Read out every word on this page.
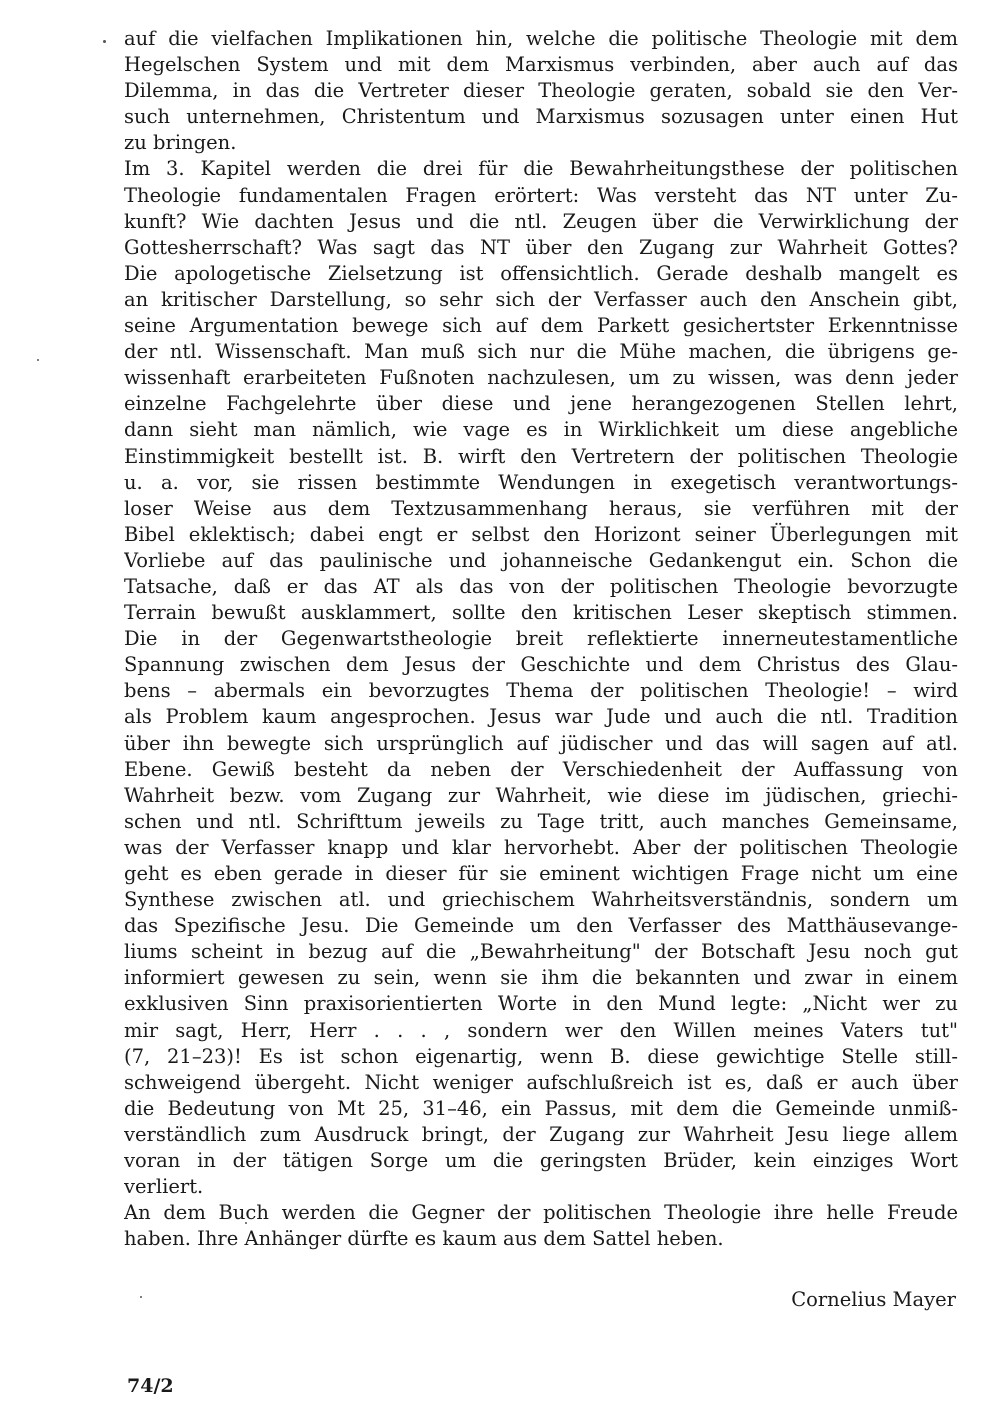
auf die vielfachen Implikationen hin, welche die politische Theologie mit dem
Hegelschen System und mit dem Marxismus verbinden, aber auch auf das
Dilemma, in das die Vertreter dieser Theologie geraten, sobald sie den Ver-
such unternehmen, Christentum und Marxismus sozusagen unter einen Hut
zu bringen.
Im 3. Kapitel werden die drei für die Bewahrheitungsthese der politischen
Theologie fundamentalen Fragen erörtert: Was versteht das NT unter Zu-
kunft? Wie dachten Jesus und die ntl. Zeugen über die Verwirklichung der
Gottesherrschaft? Was sagt das NT über den Zugang zur Wahrheit Gottes?
Die apologetische Zielsetzung ist offensichtlich. Gerade deshalb mangelt es
an kritischer Darstellung, so sehr sich der Verfasser auch den Anschein gibt,
seine Argumentation bewege sich auf dem Parkett gesichertster Erkenntnisse
der ntl. Wissenschaft. Man muß sich nur die Mühe machen, die übrigens ge-
wissenhaft erarbeiteten Fußnoten nachzulesen, um zu wissen, was denn jeder
einzelne Fachgelehrte über diese und jene herangezogenen Stellen lehrt,
dann sieht man nämlich, wie vage es in Wirklichkeit um diese angebliche
Einstimmigkeit bestellt ist. B. wirft den Vertretern der politischen Theologie
u. a. vor, sie rissen bestimmte Wendungen in exegetisch verantwortungs-
loser Weise aus dem Textzusammenhang heraus, sie verführen mit der
Bibel eklektisch; dabei engt er selbst den Horizont seiner Überlegungen mit
Vorliebe auf das paulinische und johanneische Gedankengut ein. Schon die
Tatsache, daß er das AT als das von der politischen Theologie bevorzugte
Terrain bewußt ausklammert, sollte den kritischen Leser skeptisch stimmen.
Die in der Gegenwartstheologie breit reflektierte innerneutestamentliche
Spannung zwischen dem Jesus der Geschichte und dem Christus des Glau-
bens – abermals ein bevorzugtes Thema der politischen Theologie! – wird
als Problem kaum angesprochen. Jesus war Jude und auch die ntl. Tradition
über ihn bewegte sich ursprünglich auf jüdischer und das will sagen auf atl.
Ebene. Gewiß besteht da neben der Verschiedenheit der Auffassung von
Wahrheit bezw. vom Zugang zur Wahrheit, wie diese im jüdischen, griechi-
schen und ntl. Schrifttum jeweils zu Tage tritt, auch manches Gemeinsame,
was der Verfasser knapp und klar hervorhebt. Aber der politischen Theologie
geht es eben gerade in dieser für sie eminent wichtigen Frage nicht um eine
Synthese zwischen atl. und griechischem Wahrheitsverständnis, sondern um
das Spezifische Jesu. Die Gemeinde um den Verfasser des Matthäusevange-
liums scheint in bezug auf die „Bewahrheitung" der Botschaft Jesu noch gut
informiert gewesen zu sein, wenn sie ihm die bekannten und zwar in einem
exklusiven Sinn praxisorientierten Worte in den Mund legte: „Nicht wer zu
mir sagt, Herr, Herr . . . , sondern wer den Willen meines Vaters tut"
(7, 21–23)! Es ist schon eigenartig, wenn B. diese gewichtige Stelle still-
schweigend übergeht. Nicht weniger aufschlußreich ist es, daß er auch über
die Bedeutung von Mt 25, 31–46, ein Passus, mit dem die Gemeinde unmiß-
verständlich zum Ausdruck bringt, der Zugang zur Wahrheit Jesu liege allem
voran in der tätigen Sorge um die geringsten Brüder, kein einziges Wort
verliert.
An dem Buch werden die Gegner der politischen Theologie ihre helle Freude
haben. Ihre Anhänger dürfte es kaum aus dem Sattel heben.
Cornelius Mayer
74/2
